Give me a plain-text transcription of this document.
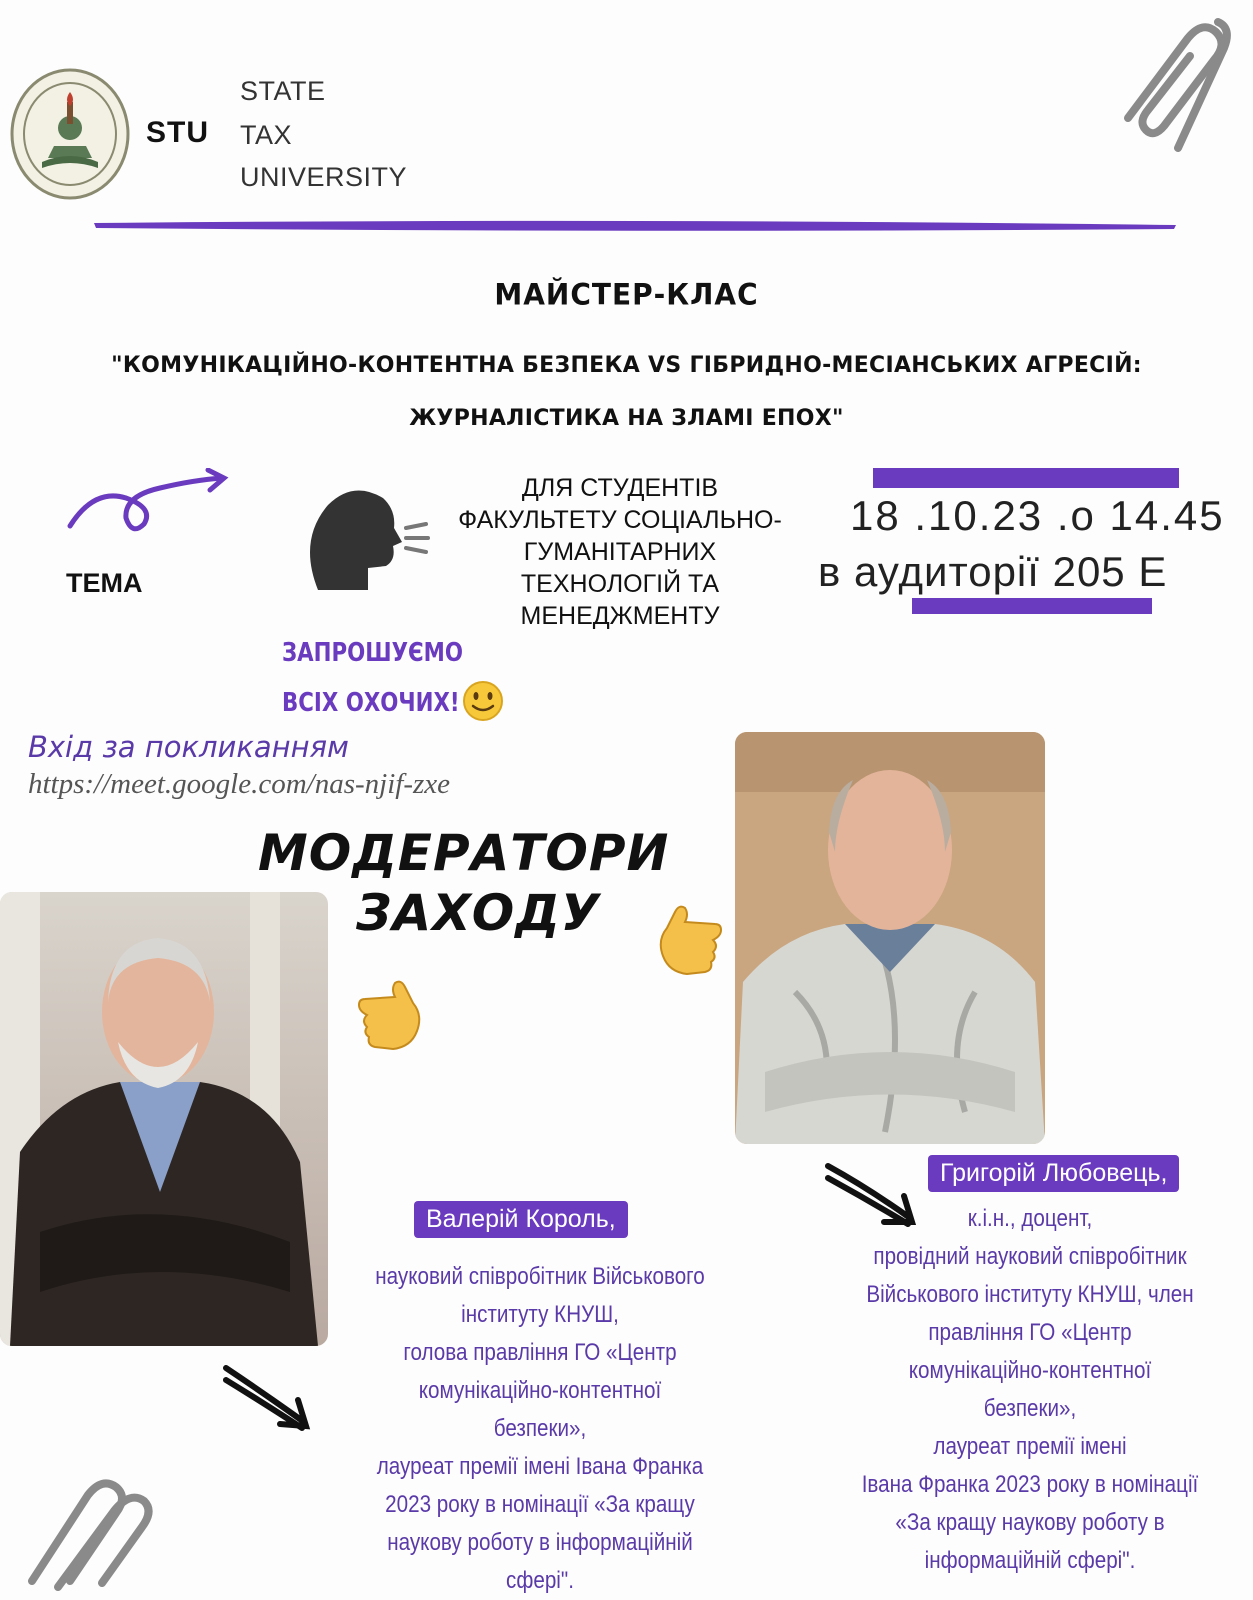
STU
STATE
TAX
UNIVERSITY
МАЙСТЕР-КЛАС
"КОМУНІКАЦІЙНО-КОНТЕНТНА БЕЗПЕКА VS ГІБРИДНО-МЕСІАНСЬКИХ АГРЕСІЙ:
ЖУРНАЛІСТИКА НА ЗЛАМІ ЕПОХ"
ТЕМА
ДЛЯ СТУДЕНТІВ
ФАКУЛЬТЕТУ СОЦІАЛЬНО-
ГУМАНІТАРНИХ
ТЕХНОЛОГІЙ ТА
МЕНЕДЖМЕНТУ
18 .10.23 .о 14.45
в аудиторії 205 Е
ЗАПРОШУЄМО
ВСІХ ОХОЧИХ!
Вхід за покликанням
https://meet.google.com/nas-njif-zxe
МОДЕРАТОРИ
ЗАХОДУ
Валерій Король,
Григорій Любовець,
науковий співробітник Військового
інституту КНУШ,
голова правління ГО «Центр
комунікаційно-контентної
безпеки»,
лауреат премії імені Івана Франка
2023 року в номінації «За кращу
наукову роботу в інформаційній
сфері".
к.і.н., доцент,
провідний науковий співробітник
Військового інституту КНУШ, член
правління ГО «Центр
комунікаційно-контентної
безпеки»,
лауреат премії імені
Івана Франка 2023 року в номінації
«За кращу наукову роботу в
інформаційній сфері".
